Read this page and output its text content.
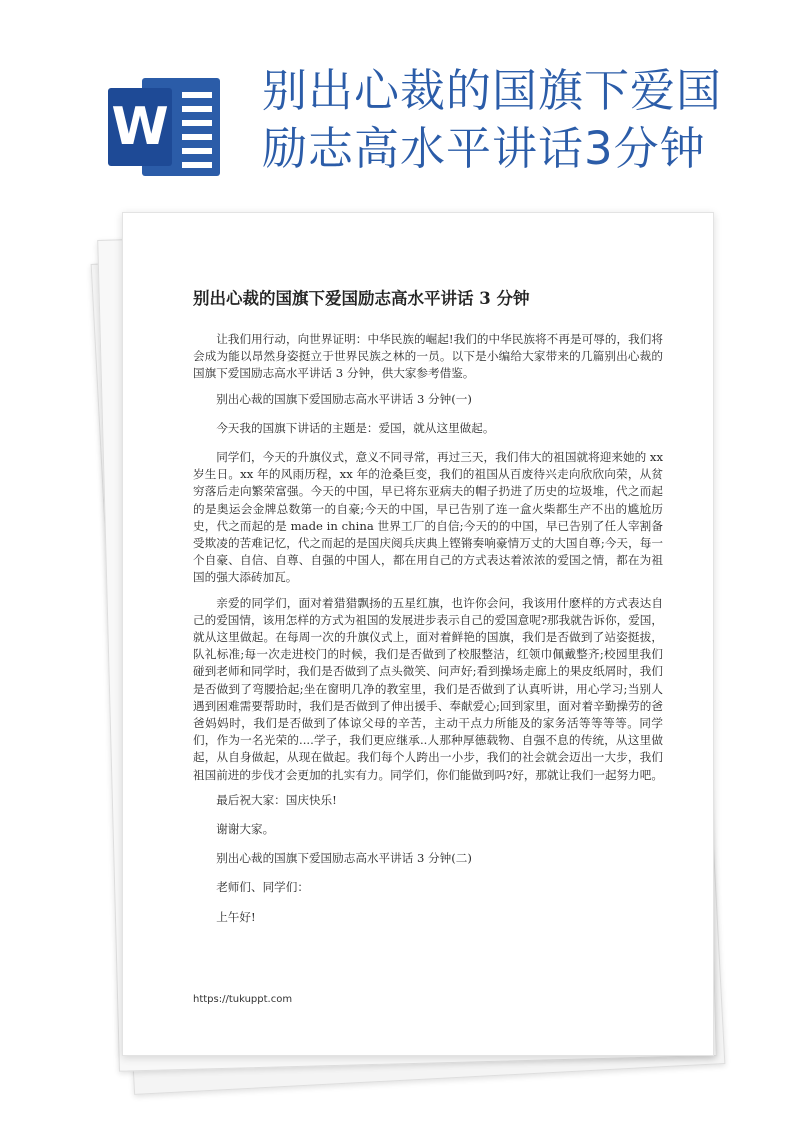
W
别出心裁的国旗下爱国
励志高水平讲话3分钟
别出心裁的国旗下爱国励志高水平讲话 3 分钟

让我们用行动，向世界证明：中华民族的崛起!我们的中华民族将不再是可辱的，我们将会成为能以昂然身姿挺立于世界民族之林的一员。以下是小编给大家带来的几篇别出心裁的国旗下爱国励志高水平讲话 3 分钟，供大家参考借鉴。

别出心裁的国旗下爱国励志高水平讲话 3 分钟(一)

今天我的国旗下讲话的主题是：爱国，就从这里做起。

同学们，今天的升旗仪式，意义不同寻常，再过三天，我们伟大的祖国就将迎来她的 xx 岁生日。xx 年的风雨历程，xx 年的沧桑巨变，我们的祖国从百废待兴走向欣欣向荣，从贫穷落后走向繁荣富强。今天的中国，早已将东亚病夫的帽子扔进了历史的垃圾堆，代之而起的是奥运会金牌总数第一的自豪;今天的中国，早已告别了连一盒火柴都生产不出的尴尬历史，代之而起的是 made in china 世界工厂的自信;今天的的中国，早已告别了任人宰割备受欺凌的苦难记忆，代之而起的是国庆阅兵庆典上铿锵奏响豪情万丈的大国自尊;今天，每一个自豪、自信、自尊、自强的中国人，都在用自己的方式表达着浓浓的爱国之情，都在为祖国的强大添砖加瓦。

亲爱的同学们，面对着猎猎飘扬的五星红旗，也许你会问，我该用什麽样的方式表达自己的爱国情，该用怎样的方式为祖国的发展进步表示自己的爱国意呢?那我就告诉你，爱国，就从这里做起。在每周一次的升旗仪式上，面对着鲜艳的国旗，我们是否做到了站姿挺拔，队礼标准;每一次走进校门的时候，我们是否做到了校服整洁，红领巾佩戴整齐;校园里我们碰到老师和同学时，我们是否做到了点头微笑、问声好;看到操场走廊上的果皮纸屑时，我们是否做到了弯腰拾起;坐在窗明几净的教室里，我们是否做到了认真听讲，用心学习;当别人遇到困难需要帮助时，我们是否做到了伸出援手、奉献爱心;回到家里，面对着辛勤操劳的爸爸妈妈时，我们是否做到了体谅父母的辛苦，主动干点力所能及的家务活等等等等。同学们，作为一名光荣的....学子，我们更应继承..人那种厚德载物、自强不息的传统，从这里做起，从自身做起，从现在做起。我们每个人跨出一小步，我们的社会就会迈出一大步，我们祖国前进的步伐才会更加的扎实有力。同学们，你们能做到吗?好，那就让我们一起努力吧。

最后祝大家：国庆快乐!

谢谢大家。

别出心裁的国旗下爱国励志高水平讲话 3 分钟(二)

老师们、同学们：

上午好!

https://tukuppt.com
